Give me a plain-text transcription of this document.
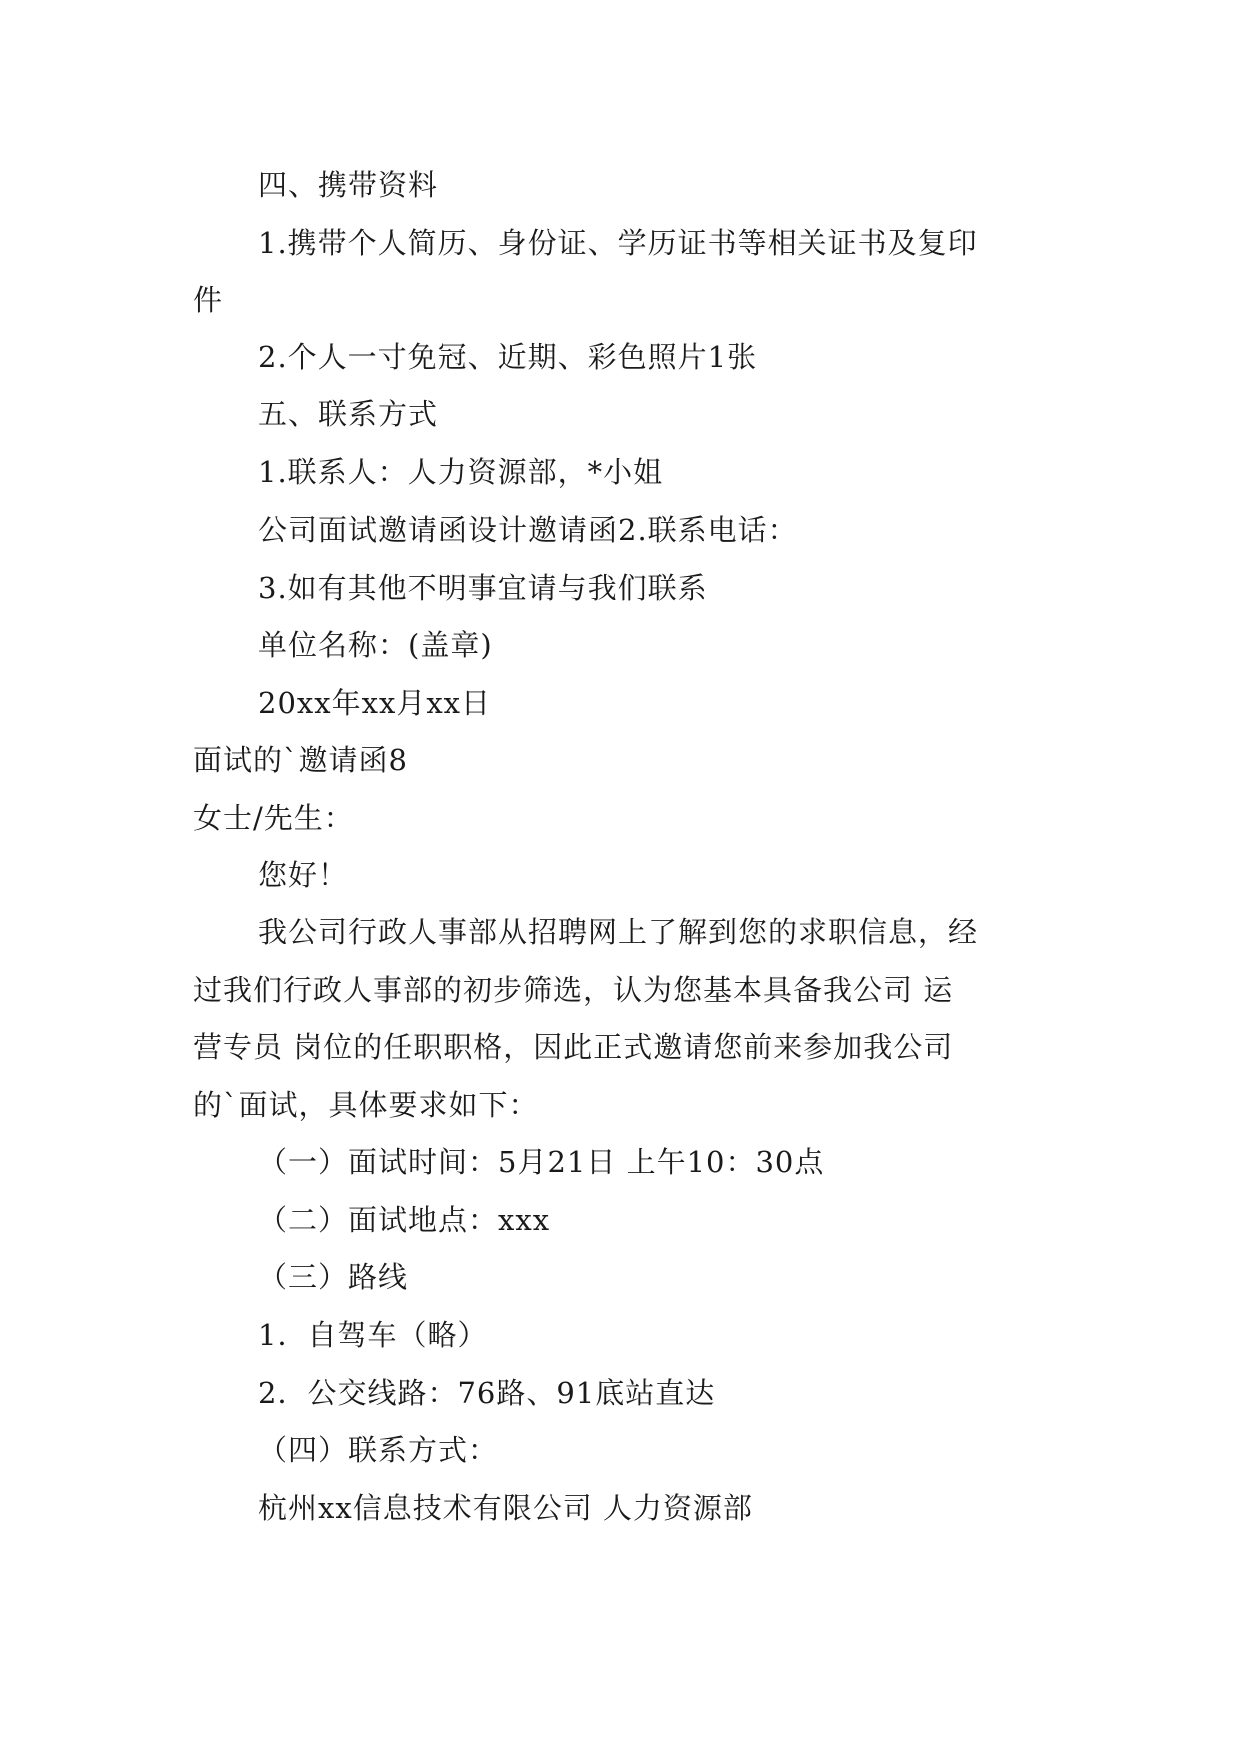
四、携带资料
1.携带个人简历、身份证、学历证书等相关证书及复印
件
2.个人一寸免冠、近期、彩色照片1张
五、联系方式
1.联系人：人力资源部，*小姐
公司面试邀请函设计邀请函2.联系电话：
3.如有其他不明事宜请与我们联系
单位名称：(盖章)
20xx年xx月xx日
面试的`邀请函8
女士/先生：
您好！
我公司行政人事部从招聘网上了解到您的求职信息，经
过我们行政人事部的初步筛选，认为您基本具备我公司 运
营专员 岗位的任职职格，因此正式邀请您前来参加我公司
的`面试，具体要求如下：
（一）面试时间：5月21日 上午10：30点
（二）面试地点：xxx
（三）路线
1．自驾车（略）
2．公交线路：76路、91底站直达
（四）联系方式：
杭州xx信息技术有限公司 人力资源部
